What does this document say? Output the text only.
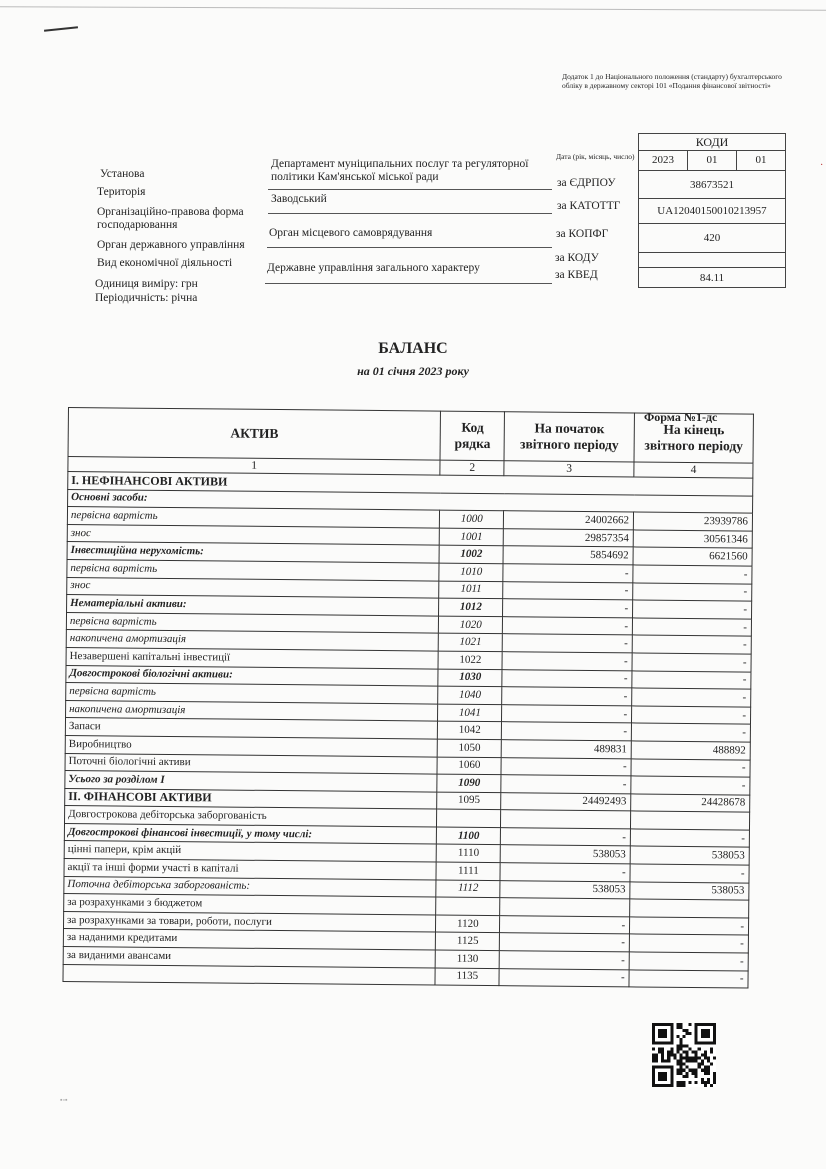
Додаток 1 до Національного положення (стандарту) бухгалтерського обліку в державному секторі 101 «Подання фінансової звітності»
Установа
Територія
Організаційно-правова форма господарювання
Орган державного управління
Вид економічної діяльності
Одиниця виміру: грн
Періодичність: річна
Департамент муніципальних послуг та регуляторної політики Кам'янської міської ради
Заводський
Орган місцевого самоврядування
Державне управління загального характеру
Дата (рік, місяць, число)
за ЄДРПОУ
за КАТОТТГ
за КОПФГ
за КОДУ
за КВЕД
КОДИ
2023	01	01
38673521
UA12040150010213957
420
84.11
БАЛАНС
на 01 січня 2023 року
Форма №1-дс
АКТИВ	Код рядка	На початок звітного періоду	На кінець звітного періоду
1	2	3	4
І. НЕФІНАНСОВІ АКТИВИ			
Основні засоби:			
первісна вартість	1000	24002662	23939786
знос	1001	29857354	30561346
Інвестиційна нерухомість:	1002	5854692	6621560
первісна вартість	1010	-	-
знос	1011	-	-
Нематеріальні активи:	1012	-	-
первісна вартість	1020	-	-
накопичена амортизація	1021	-	-
Незавершені капітальні інвестиції	1022	-	-
Довгострокові біологічні активи:	1030	-	-
первісна вартість	1040	-	-
накопичена амортизація	1041	-	-
Запаси	1042	-	-
Виробництво	1050	489831	488892
Поточні біологічні активи	1060	-	-
Усього за розділом І	1090	-	-
ІІ. ФІНАНСОВІ АКТИВИ	1095	24492493	24428678
Довгострокова дебіторська заборгованість			
Довгострокові фінансові інвестиції, у тому числі:	1100	-	-
цінні папери, крім акцій	1110	538053	538053
акції та інші форми участі в капіталі	1111	-	-
Поточна дебіторська заборгованість:	1112	538053	538053
за розрахунками з бюджетом			
за розрахунками за товари, роботи, послуги	1120	-	-
за наданими кредитами	1125	-	-
за виданими авансами	1130	-	-
	1135	-	-
·
▪▫▪
